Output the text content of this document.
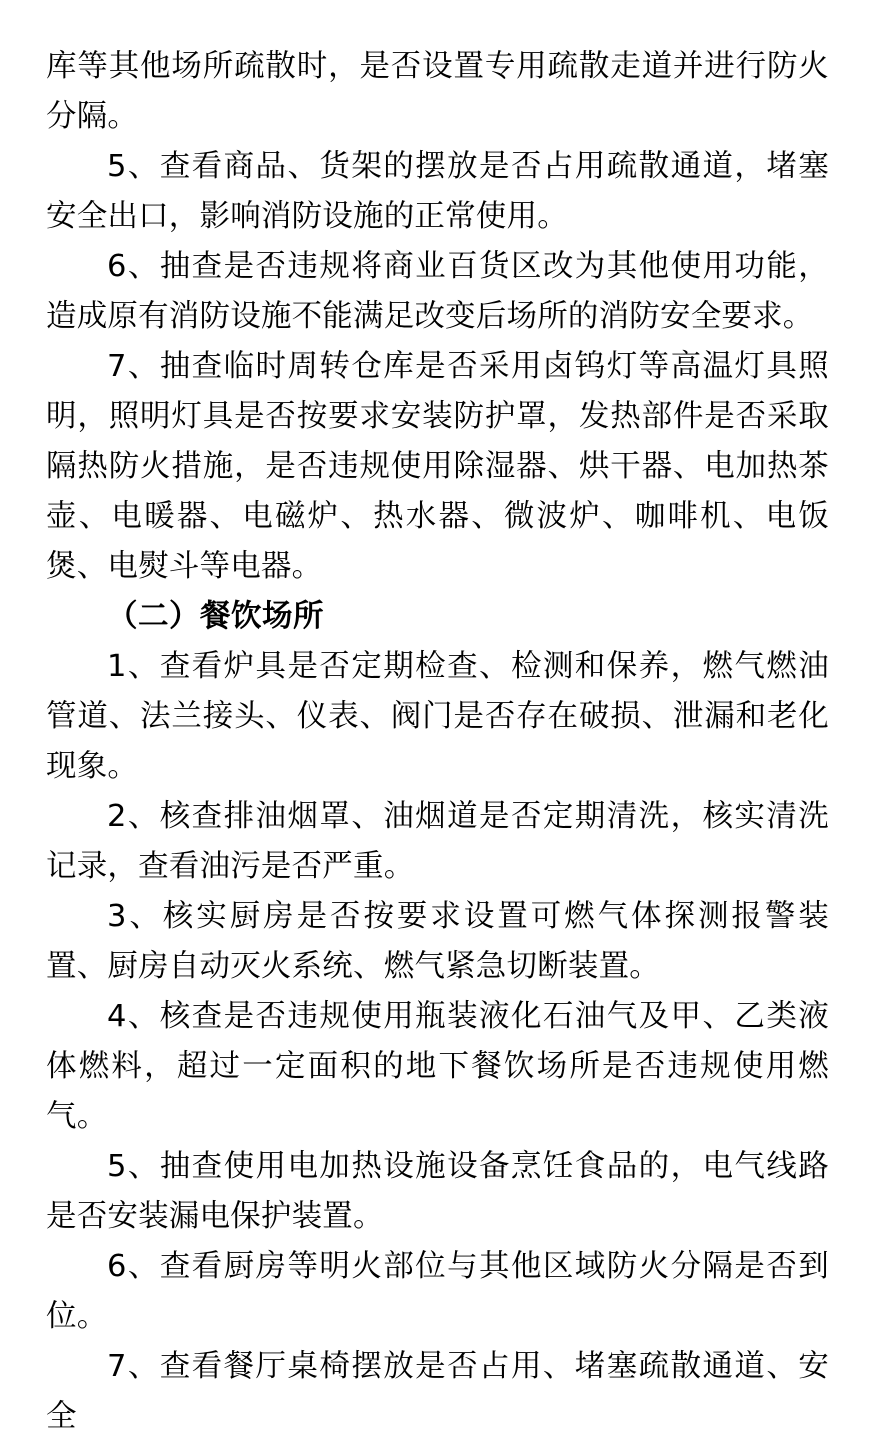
库等其他场所疏散时，是否设置专用疏散走道并进行防火分隔。

5、查看商品、货架的摆放是否占用疏散通道，堵塞安全出口，影响消防设施的正常使用。

6、抽查是否违规将商业百货区改为其他使用功能，造成原有消防设施不能满足改变后场所的消防安全要求。

7、抽查临时周转仓库是否采用卤钨灯等高温灯具照明，照明灯具是否按要求安装防护罩，发热部件是否采取隔热防火措施，是否违规使用除湿器、烘干器、电加热茶壶、电暖器、电磁炉、热水器、微波炉、咖啡机、电饭煲、电熨斗等电器。

（二）餐饮场所

1、查看炉具是否定期检查、检测和保养，燃气燃油管道、法兰接头、仪表、阀门是否存在破损、泄漏和老化现象。

2、核查排油烟罩、油烟道是否定期清洗，核实清洗记录，查看油污是否严重。

3、核实厨房是否按要求设置可燃气体探测报警装置、厨房自动灭火系统、燃气紧急切断装置。

4、核查是否违规使用瓶装液化石油气及甲、乙类液体燃料，超过一定面积的地下餐饮场所是否违规使用燃气。

5、抽查使用电加热设施设备烹饪食品的，电气线路是否安装漏电保护装置。

6、查看厨房等明火部位与其他区域防火分隔是否到位。

7、查看餐厅桌椅摆放是否占用、堵塞疏散通道、安全
